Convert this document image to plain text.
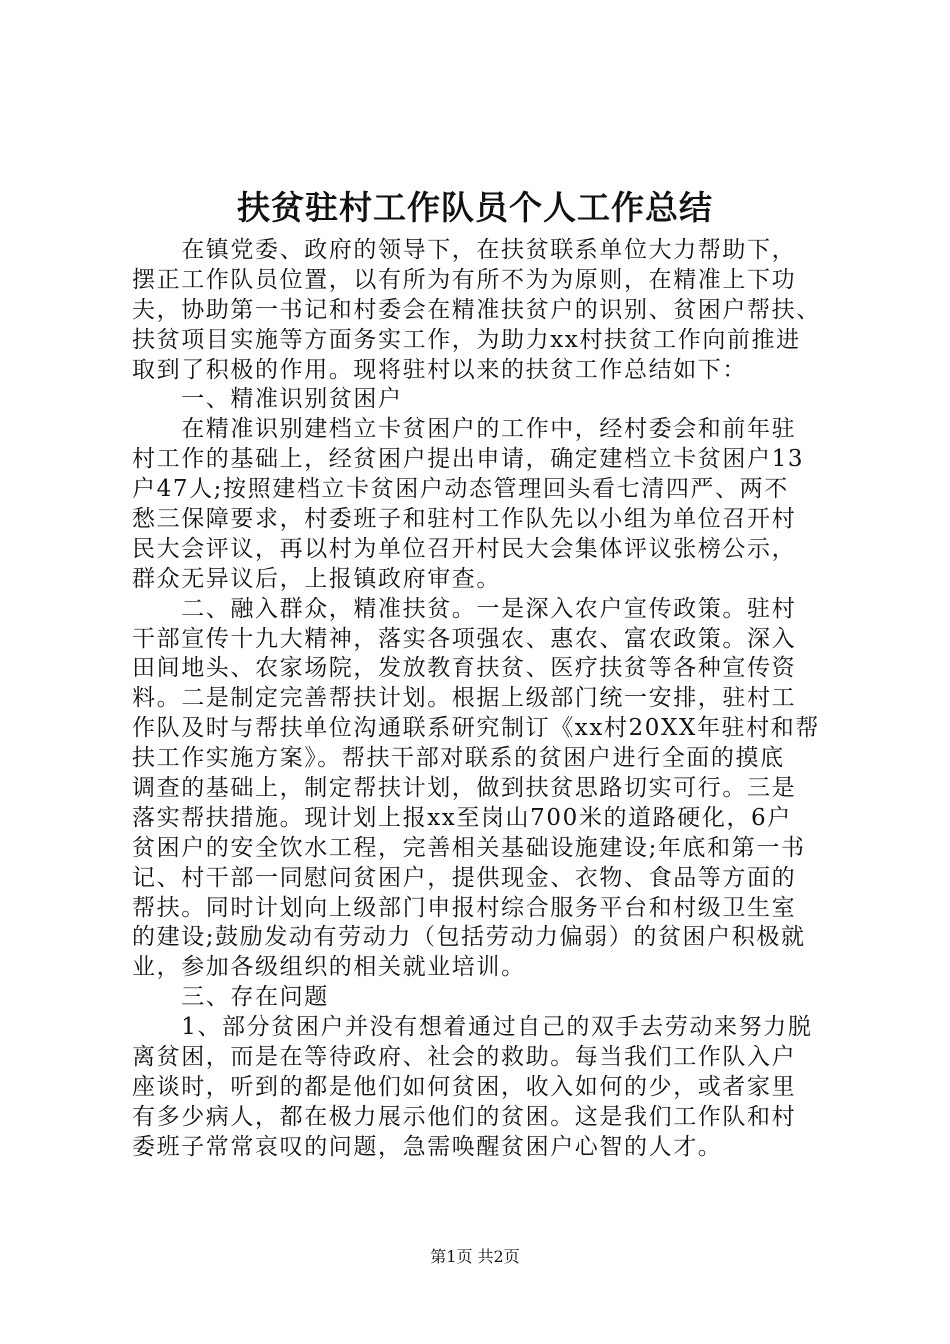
扶贫驻村工作队员个人工作总结
　　在镇党委、政府的领导下，在扶贫联系单位大力帮助下，
摆正工作队员位置，以有所为有所不为为原则，在精准上下功
夫，协助第一书记和村委会在精准扶贫户的识别、贫困户帮扶、
扶贫项目实施等方面务实工作，为助力xx村扶贫工作向前推进
取到了积极的作用。现将驻村以来的扶贫工作总结如下：
　　一、精准识别贫困户
　　在精准识别建档立卡贫困户的工作中，经村委会和前年驻
村工作的基础上，经贫困户提出申请，确定建档立卡贫困户13
户47人;按照建档立卡贫困户动态管理回头看七清四严、两不
愁三保障要求，村委班子和驻村工作队先以小组为单位召开村
民大会评议，再以村为单位召开村民大会集体评议张榜公示，
群众无异议后，上报镇政府审查。
　　二、融入群众，精准扶贫。一是深入农户宣传政策。驻村
干部宣传十九大精神，落实各项强农、惠农、富农政策。深入
田间地头、农家场院，发放教育扶贫、医疗扶贫等各种宣传资
料。二是制定完善帮扶计划。根据上级部门统一安排，驻村工
作队及时与帮扶单位沟通联系研究制订《xx村20XX年驻村和帮
扶工作实施方案》。帮扶干部对联系的贫困户进行全面的摸底
调查的基础上，制定帮扶计划，做到扶贫思路切实可行。三是
落实帮扶措施。现计划上报xx至岗山700米的道路硬化，6户
贫困户的安全饮水工程，完善相关基础设施建设;年底和第一书
记、村干部一同慰问贫困户，提供现金、衣物、食品等方面的
帮扶。同时计划向上级部门申报村综合服务平台和村级卫生室
的建设;鼓励发动有劳动力（包括劳动力偏弱）的贫困户积极就
业，参加各级组织的相关就业培训。
　　三、存在问题
　　1、部分贫困户并没有想着通过自己的双手去劳动来努力脱
离贫困，而是在等待政府、社会的救助。每当我们工作队入户
座谈时，听到的都是他们如何贫困，收入如何的少，或者家里
有多少病人，都在极力展示他们的贫困。这是我们工作队和村
委班子常常哀叹的问题，急需唤醒贫困户心智的人才。
第1页 共2页
